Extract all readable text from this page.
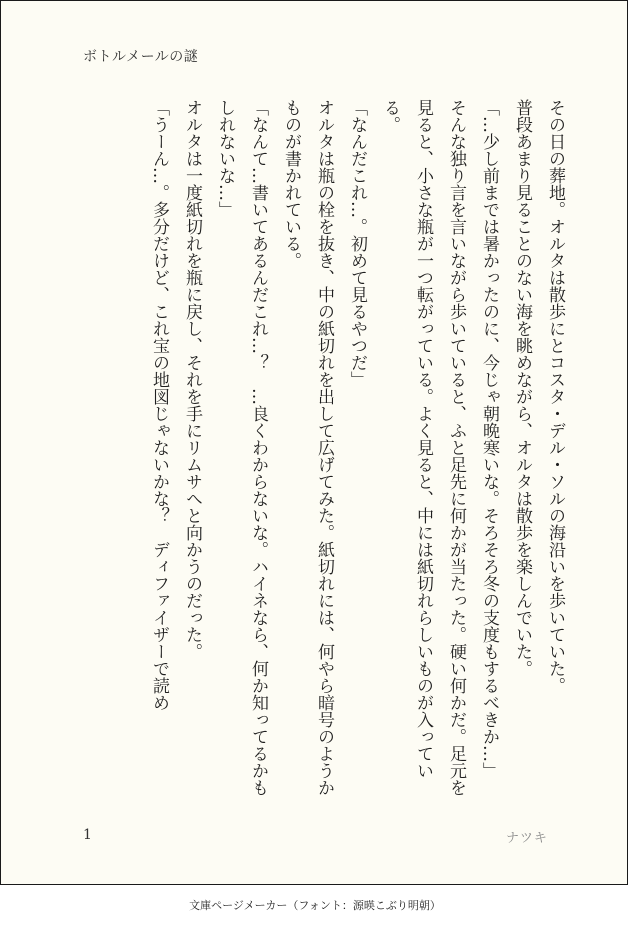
ボトルメールの謎

その日の葬地。オルタは散歩にとコスタ・デル・ソルの海沿いを歩いていた。

普段あまり見ることのない海を眺めながら、オルタは散歩を楽しんでいた。

「…少し前までは暑かったのに、今じゃ朝晩寒いな。そろそろ冬の支度もするべきか…」

そんな独り言を言いながら歩いていると、ふと足先に何かが当たった。硬い何かだ。足元を見ると、小さな瓶が一つ転がっている。よく見ると、中には紙切れらしいものが入っている。

「なんだこれ…。初めて見るやつだ」

オルタは瓶の栓を抜き、中の紙切れを出して広げてみた。紙切れには、何やら暗号のようかものが書かれている。

「なんて…書いてあるんだこれ…？　…良くわからないな。ハイネなら、何か知ってるかもしれないな…」

オルタは一度紙切れを瓶に戻し、それを手にリムサへと向かうのだった。

「うーん…。多分だけど、これ宝の地図じゃないかな？　ディファイザーで読め

1	ナツキ
文庫ページメーカー（フォント：源暎こぶり明朝）
